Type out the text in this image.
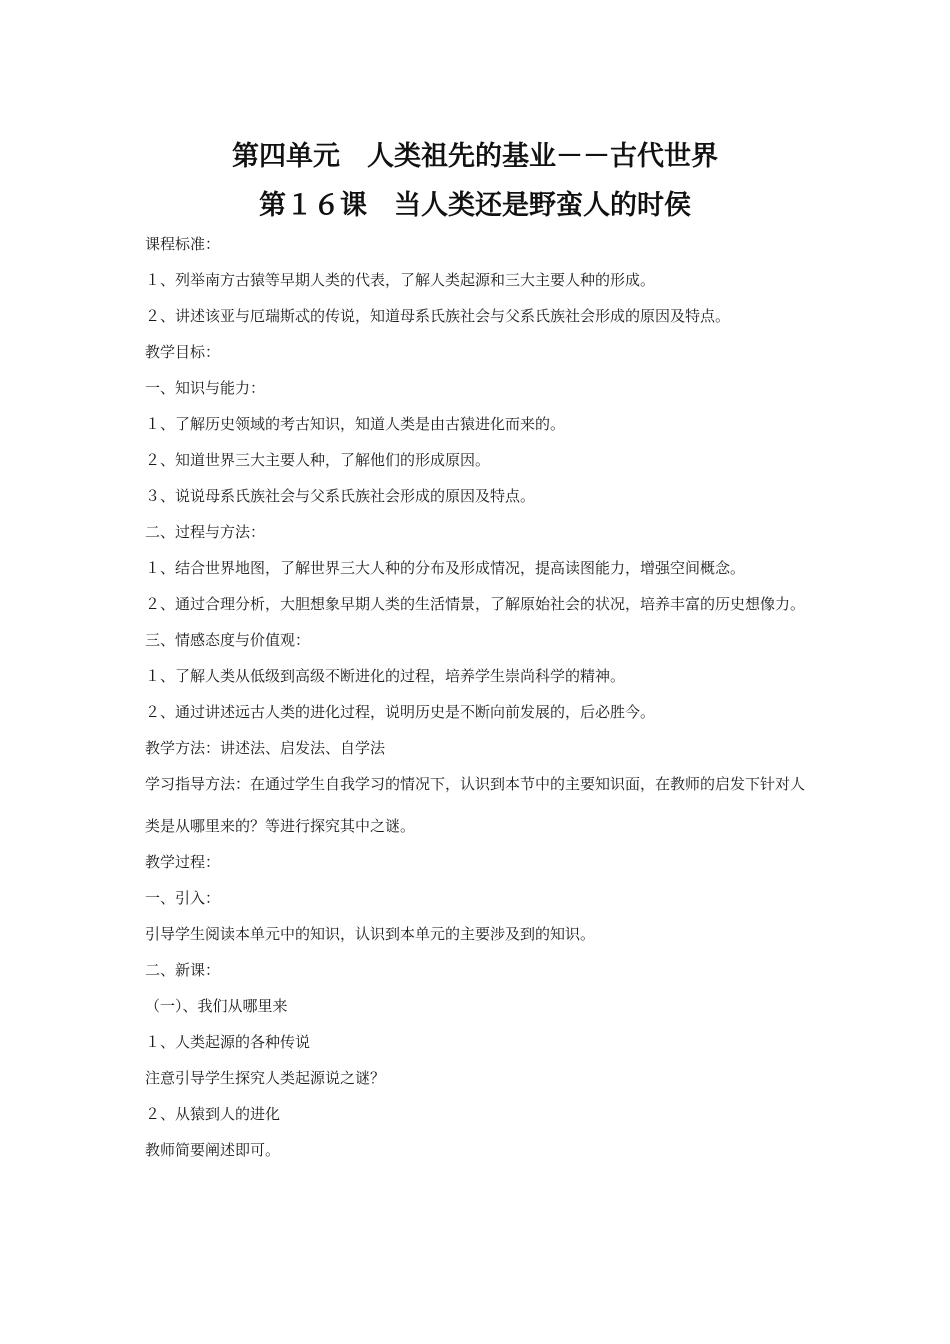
第四单元　人类祖先的基业－－古代世界
第１６课　当人类还是野蛮人的时侯
课程标准：
１、列举南方古猿等早期人类的代表，了解人类起源和三大主要人种的形成。
２、讲述该亚与厄瑞斯忒的传说，知道母系氏族社会与父系氏族社会形成的原因及特点。
教学目标：
一、知识与能力：
１、了解历史领域的考古知识，知道人类是由古猿进化而来的。
２、知道世界三大主要人种，了解他们的形成原因。
３、说说母系氏族社会与父系氏族社会形成的原因及特点。
二、过程与方法：
１、结合世界地图，了解世界三大人种的分布及形成情况，提高读图能力，增强空间概念。
２、通过合理分析，大胆想象早期人类的生活情景，了解原始社会的状况，培养丰富的历史想像力。
三、情感态度与价值观：
１、了解人类从低级到高级不断进化的过程，培养学生崇尚科学的精神。
２、通过讲述远古人类的进化过程，说明历史是不断向前发展的，后必胜今。
教学方法：讲述法、启发法、自学法
学习指导方法：在通过学生自我学习的情况下，认识到本节中的主要知识面，在教师的启发下针对人类是从哪里来的？等进行探究其中之谜。
教学过程：
一、引入：
引导学生阅读本单元中的知识，认识到本单元的主要涉及到的知识。
二、新课：
（一）、我们从哪里来
１、人类起源的各种传说
注意引导学生探究人类起源说之谜？
２、从猿到人的进化
教师简要阐述即可。
